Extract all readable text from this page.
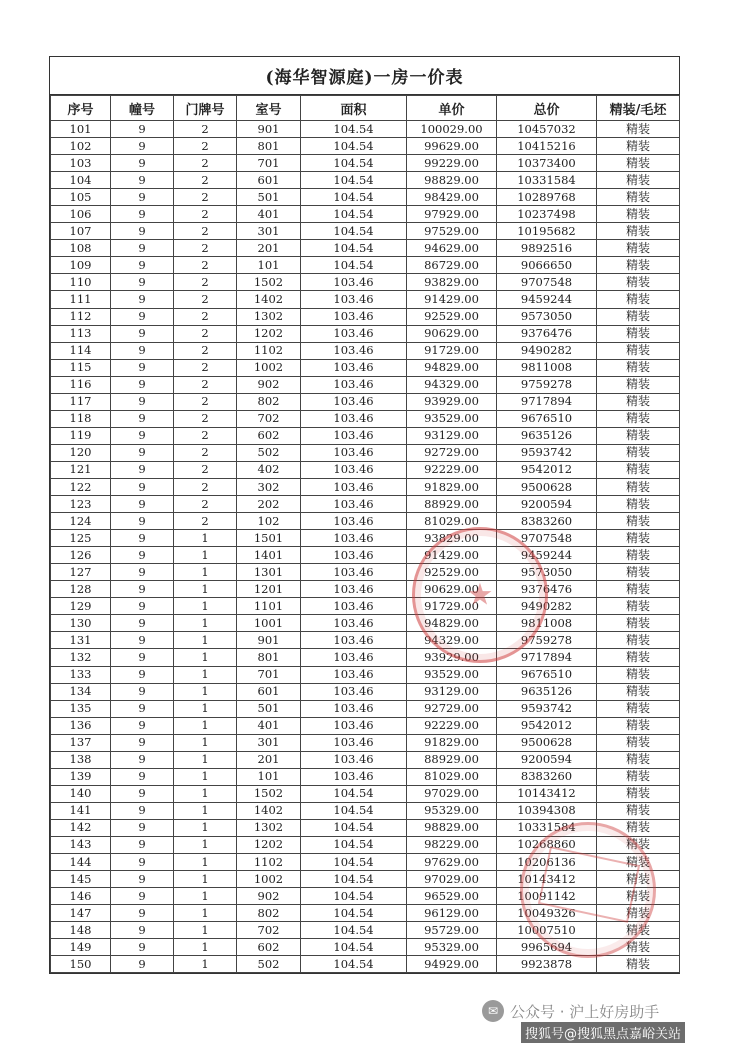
(海华智源庭)一房一价表
序号	幢号	门牌号	室号	面积	单价	总价	精装/毛坯
101	9	2	901	104.54	100029.00	10457032	精装
102	9	2	801	104.54	99629.00	10415216	精装
103	9	2	701	104.54	99229.00	10373400	精装
104	9	2	601	104.54	98829.00	10331584	精装
105	9	2	501	104.54	98429.00	10289768	精装
106	9	2	401	104.54	97929.00	10237498	精装
107	9	2	301	104.54	97529.00	10195682	精装
108	9	2	201	104.54	94629.00	9892516	精装
109	9	2	101	104.54	86729.00	9066650	精装
110	9	2	1502	103.46	93829.00	9707548	精装
111	9	2	1402	103.46	91429.00	9459244	精装
112	9	2	1302	103.46	92529.00	9573050	精装
113	9	2	1202	103.46	90629.00	9376476	精装
114	9	2	1102	103.46	91729.00	9490282	精装
115	9	2	1002	103.46	94829.00	9811008	精装
116	9	2	902	103.46	94329.00	9759278	精装
117	9	2	802	103.46	93929.00	9717894	精装
118	9	2	702	103.46	93529.00	9676510	精装
119	9	2	602	103.46	93129.00	9635126	精装
120	9	2	502	103.46	92729.00	9593742	精装
121	9	2	402	103.46	92229.00	9542012	精装
122	9	2	302	103.46	91829.00	9500628	精装
123	9	2	202	103.46	88929.00	9200594	精装
124	9	2	102	103.46	81029.00	8383260	精装
125	9	1	1501	103.46	93829.00	9707548	精装
126	9	1	1401	103.46	91429.00	9459244	精装
127	9	1	1301	103.46	92529.00	9573050	精装
128	9	1	1201	103.46	90629.00	9376476	精装
129	9	1	1101	103.46	91729.00	9490282	精装
130	9	1	1001	103.46	94829.00	9811008	精装
131	9	1	901	103.46	94329.00	9759278	精装
132	9	1	801	103.46	93929.00	9717894	精装
133	9	1	701	103.46	93529.00	9676510	精装
134	9	1	601	103.46	93129.00	9635126	精装
135	9	1	501	103.46	92729.00	9593742	精装
136	9	1	401	103.46	92229.00	9542012	精装
137	9	1	301	103.46	91829.00	9500628	精装
138	9	1	201	103.46	88929.00	9200594	精装
139	9	1	101	103.46	81029.00	8383260	精装
140	9	1	1502	104.54	97029.00	10143412	精装
141	9	1	1402	104.54	95329.00	10394308	精装
142	9	1	1302	104.54	98829.00	10331584	精装
143	9	1	1202	104.54	98229.00	10268860	精装
144	9	1	1102	104.54	97629.00	10206136	精装
145	9	1	1002	104.54	97029.00	10143412	精装
146	9	1	902	104.54	96529.00	10091142	精装
147	9	1	802	104.54	96129.00	10049326	精装
148	9	1	702	104.54	95729.00	10007510	精装
149	9	1	602	104.54	95329.00	9965694	精装
150	9	1	502	104.54	94929.00	9923878	精装
★
✉ 公众号 · 沪上好房助手
搜狐号@搜狐黑点嘉峪关站
